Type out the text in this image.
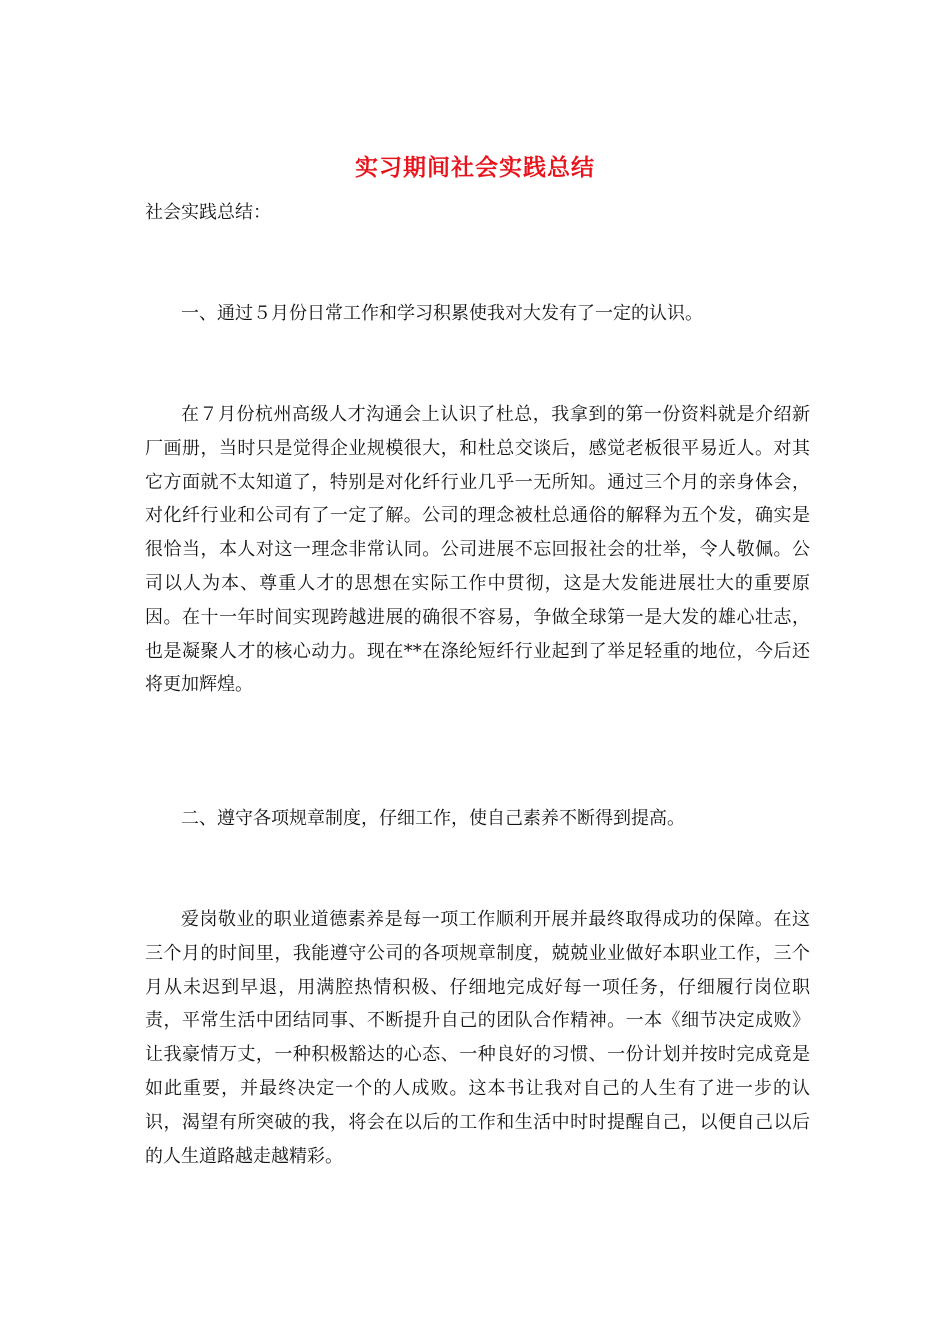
实习期间社会实践总结
社会实践总结：
一、通过５月份日常工作和学习积累使我对大发有了一定的认识。
在７月份杭州高级人才沟通会上认识了杜总，我拿到的第一份资料就是介绍新厂画册，当时只是觉得企业规模很大，和杜总交谈后，感觉老板很平易近人。对其它方面就不太知道了，特别是对化纤行业几乎一无所知。通过三个月的亲身体会，对化纤行业和公司有了一定了解。公司的理念被杜总通俗的解释为五个发，确实是很恰当，本人对这一理念非常认同。公司进展不忘回报社会的壮举，令人敬佩。公司以人为本、尊重人才的思想在实际工作中贯彻，这是大发能进展壮大的重要原因。在十一年时间实现跨越进展的确很不容易，争做全球第一是大发的雄心壮志，也是凝聚人才的核心动力。现在**在涤纶短纤行业起到了举足轻重的地位，今后还将更加辉煌。
二、遵守各项规章制度，仔细工作，使自己素养不断得到提高。
爱岗敬业的职业道德素养是每一项工作顺利开展并最终取得成功的保障。在这三个月的时间里，我能遵守公司的各项规章制度，兢兢业业做好本职业工作，三个月从未迟到早退，用满腔热情积极、仔细地完成好每一项任务，仔细履行岗位职责，平常生活中团结同事、不断提升自己的团队合作精神。一本《细节决定成败》让我豪情万丈，一种积极豁达的心态、一种良好的习惯、一份计划并按时完成竟是如此重要，并最终决定一个的人成败。这本书让我对自己的人生有了进一步的认识，渴望有所突破的我，将会在以后的工作和生活中时时提醒自己，以便自己以后的人生道路越走越精彩。
